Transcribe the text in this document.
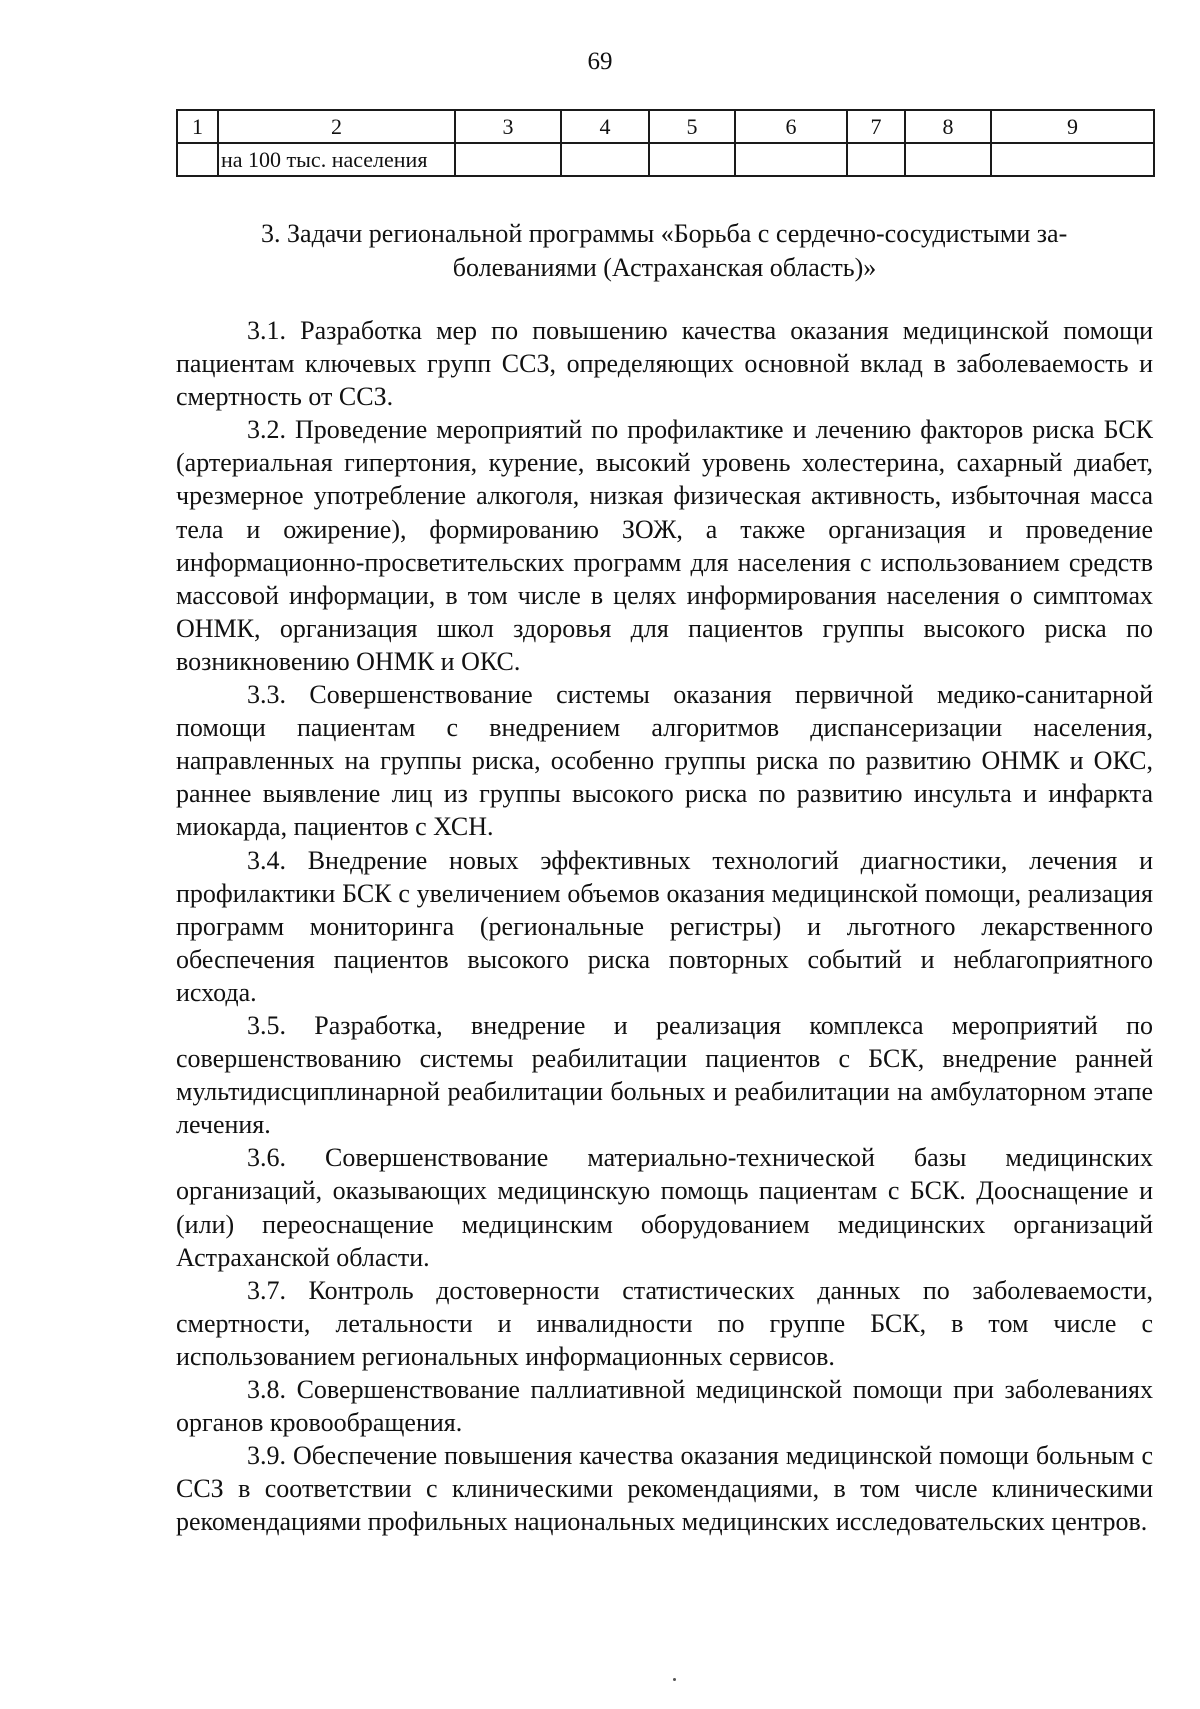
69
1	2	3	4	5	6	7	8	9
	на 100 тыс. населения							
3. Задачи региональной программы «Борьба с сердечно-сосудистыми за-
болеваниями (Астраханская область)»

3.1. Разработка мер по повышению качества оказания медицинской помощи пациентам ключевых групп ССЗ, определяющих основной вклад в заболеваемость и смертность от ССЗ.

3.2. Проведение мероприятий по профилактике и лечению факторов риска БСК (артериальная гипертония, курение, высокий уровень холестерина, сахарный диабет, чрезмерное употребление алкоголя, низкая физическая активность, избыточная масса тела и ожирение), формированию ЗОЖ, а также организация и проведение информационно-просветительских программ для населения с использованием средств массовой информации, в том числе в целях информирования населения о симптомах ОНМК, организация школ здоровья для пациентов группы высокого риска по возникновению ОНМК и ОКС.

3.3. Совершенствование системы оказания первичной медико-санитарной помощи пациентам с внедрением алгоритмов диспансеризации населения, направленных на группы риска, особенно группы риска по развитию ОНМК и ОКС, раннее выявление лиц из группы высокого риска по развитию инсульта и инфаркта миокарда, пациентов с ХСН.

3.4. Внедрение новых эффективных технологий диагностики, лечения и профилактики БСК с увеличением объемов оказания медицинской помощи, реализация программ мониторинга (региональные регистры) и льготного лекарственного обеспечения пациентов высокого риска повторных событий и неблагоприятного исхода.

3.5. Разработка, внедрение и реализация комплекса мероприятий по совершенствованию системы реабилитации пациентов с БСК, внедрение ранней мультидисциплинарной реабилитации больных и реабилитации на амбулаторном этапе лечения.

3.6. Совершенствование материально-технической базы медицинских организаций, оказывающих медицинскую помощь пациентам с БСК. Дооснащение и (или) переоснащение медицинским оборудованием медицинских организаций Астраханской области.

3.7. Контроль достоверности статистических данных по заболеваемости, смертности, летальности и инвалидности по группе БСК, в том числе с использованием региональных информационных сервисов.

3.8. Совершенствование паллиативной медицинской помощи при заболеваниях органов кровообращения.

3.9. Обеспечение повышения качества оказания медицинской помощи больным с ССЗ в соответствии с клиническими рекомендациями, в том числе клиническими рекомендациями профильных национальных медицинских исследовательских центров.
